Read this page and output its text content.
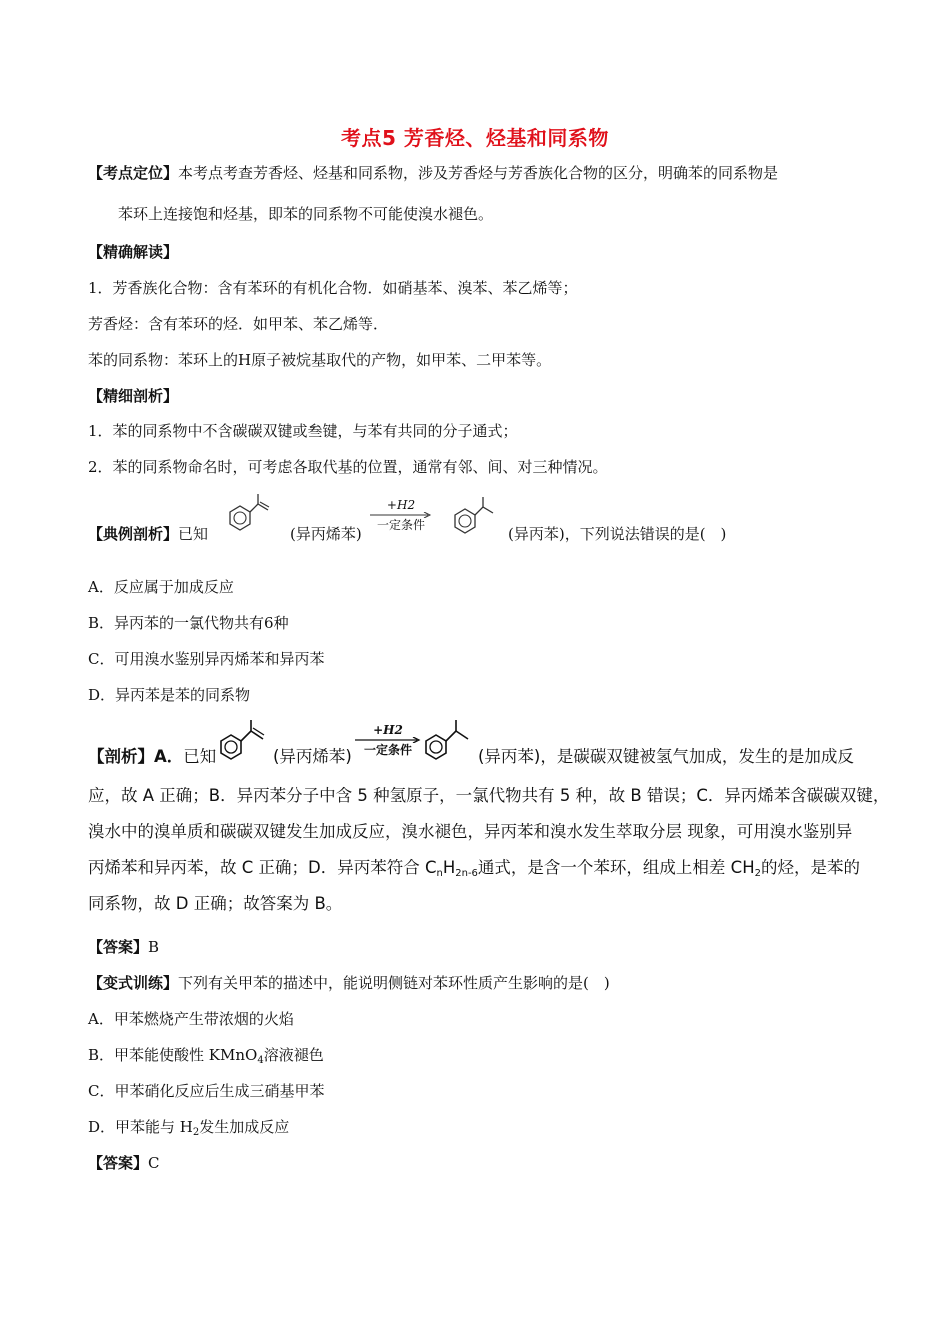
考点5 芳香烃、烃基和同系物
【考点定位】本考点考查芳香烃、烃基和同系物，涉及芳香烃与芳香族化合物的区分，明确苯的同系物是
苯环上连接饱和烃基，即苯的同系物不可能使溴水褪色。
【精确解读】
1．芳香族化合物：含有苯环的有机化合物．如硝基苯、溴苯、苯乙烯等；
芳香烃：含有苯环的烃．如甲苯、苯乙烯等．
苯的同系物：苯环上的H原子被烷基取代的产物，如甲苯、二甲苯等。
【精细剖析】
1．苯的同系物中不含碳碳双键或叁键，与苯有共同的分子通式；
2．苯的同系物命名时，可考虑各取代基的位置，通常有邻、间、对三种情况。
【典例剖析】已知	(异丙烯苯)
+H2
一定条件	(异丙苯)，下列说法错误的是(　)
A．反应属于加成反应
B．异丙苯的一氯代物共有6种
C．可用溴水鉴别异丙烯苯和异丙苯
D．异丙苯是苯的同系物
【剖析】A．已知	(异丙烯苯)
+H2
一定条件	(异丙苯)，是碳碳双键被氢气加成，发生的是加成反
应，故 A 正确；B．异丙苯分子中含 5 种氢原子，一氯代物共有 5 种，故 B 错误；C．异丙烯苯含碳碳双键，
溴水中的溴单质和碳碳双键发生加成反应，溴水褪色，异丙苯和溴水发生萃取分层 现象，可用溴水鉴别异
丙烯苯和异丙苯，故 C 正确；D．异丙苯符合 $C_nH_{2n-6}$通式，是含一个苯环，组成上相差 $CH_2$的烃，是苯的
同系物，故 D 正确；故答案为 B。
【答案】B
【变式训练】下列有关甲苯的描述中，能说明侧链对苯环性质产生影响的是(　)
A．甲苯燃烧产生带浓烟的火焰
B．甲苯能使酸性 KMnO$_4$溶液褪色
C．甲苯硝化反应后生成三硝基甲苯
D．甲苯能与 $H_2$发生加成反应
【答案】C
